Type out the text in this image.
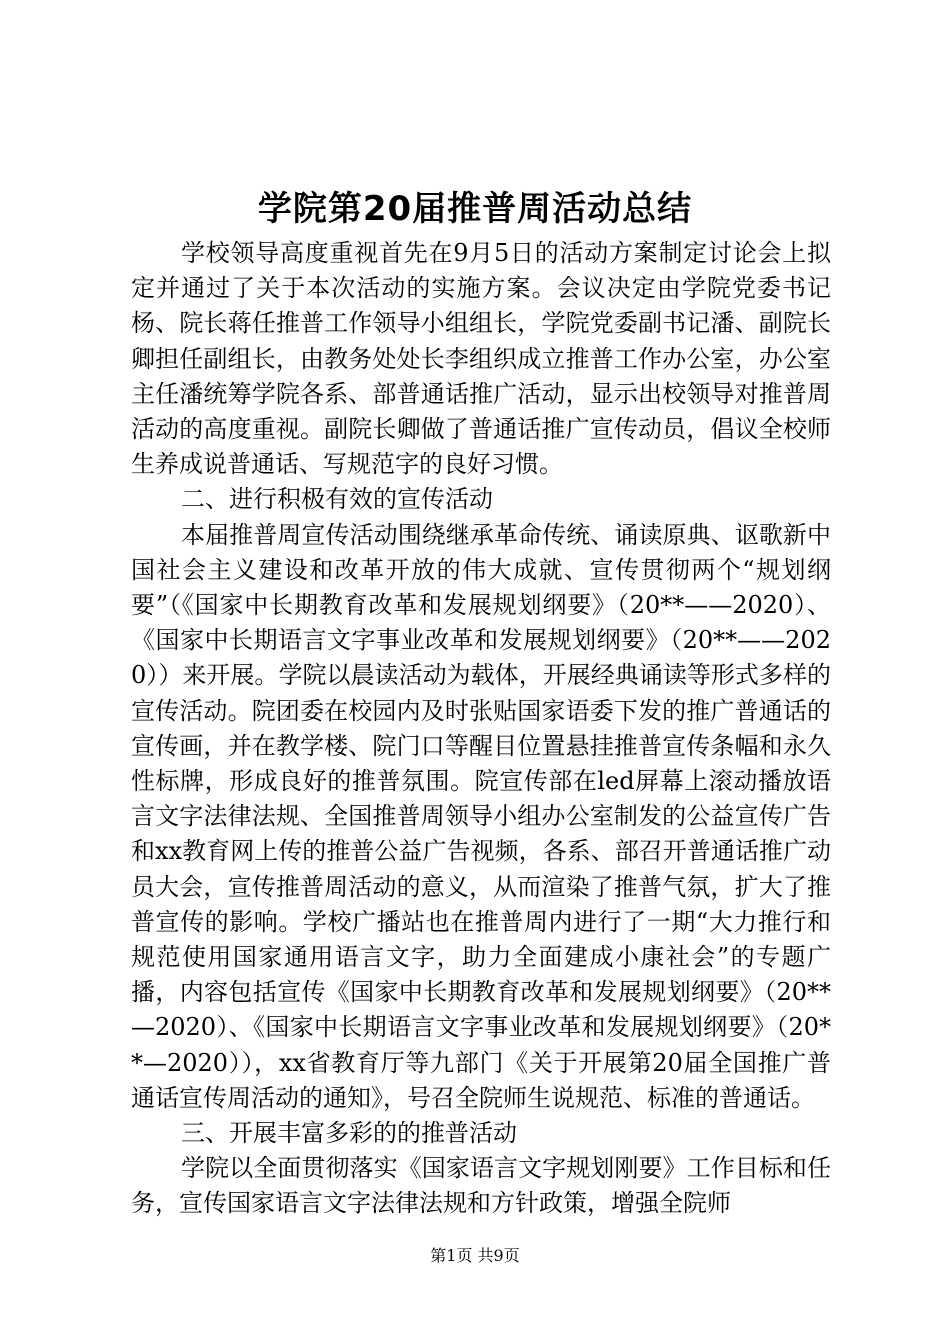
学院第20届推普周活动总结

学校领导高度重视首先在9月5日的活动方案制定讨论会上拟定并通过了关于本次活动的实施方案。会议决定由学院党委书记杨、院长蒋任推普工作领导小组组长，学院党委副书记潘、副院长卿担任副组长，由教务处处长李组织成立推普工作办公室，办公室主任潘统筹学院各系、部普通话推广活动，显示出校领导对推普周活动的高度重视。副院长卿做了普通话推广宣传动员，倡议全校师生养成说普通话、写规范字的良好习惯。

二、进行积极有效的宣传活动

本届推普周宣传活动围绕继承革命传统、诵读原典、讴歌新中国社会主义建设和改革开放的伟大成就、宣传贯彻两个“规划纲要”（《国家中长期教育改革和发展规划纲要》（20**——2020）、《国家中长期语言文字事业改革和发展规划纲要》（20**——2020））来开展。学院以晨读活动为载体，开展经典诵读等形式多样的宣传活动。院团委在校园内及时张贴国家语委下发的推广普通话的宣传画，并在教学楼、院门口等醒目位置悬挂推普宣传条幅和永久性标牌，形成良好的推普氛围。院宣传部在led屏幕上滚动播放语言文字法律法规、全国推普周领导小组办公室制发的公益宣传广告和xx教育网上传的推普公益广告视频，各系、部召开普通话推广动员大会，宣传推普周活动的意义，从而渲染了推普气氛，扩大了推普宣传的影响。学校广播站也在推普周内进行了一期“大力推行和规范使用国家通用语言文字，助力全面建成小康社会”的专题广播，内容包括宣传《国家中长期教育改革和发展规划纲要》（20**—2020）、《国家中长期语言文字事业改革和发展规划纲要》（20**—2020）），xx省教育厅等九部门《关于开展第20届全国推广普通话宣传周活动的通知》，号召全院师生说规范、标准的普通话。

三、开展丰富多彩的的推普活动

学院以全面贯彻落实《国家语言文字规划刚要》工作目标和任务，宣传国家语言文字法律法规和方针政策，增强全院师

第1页 共9页
